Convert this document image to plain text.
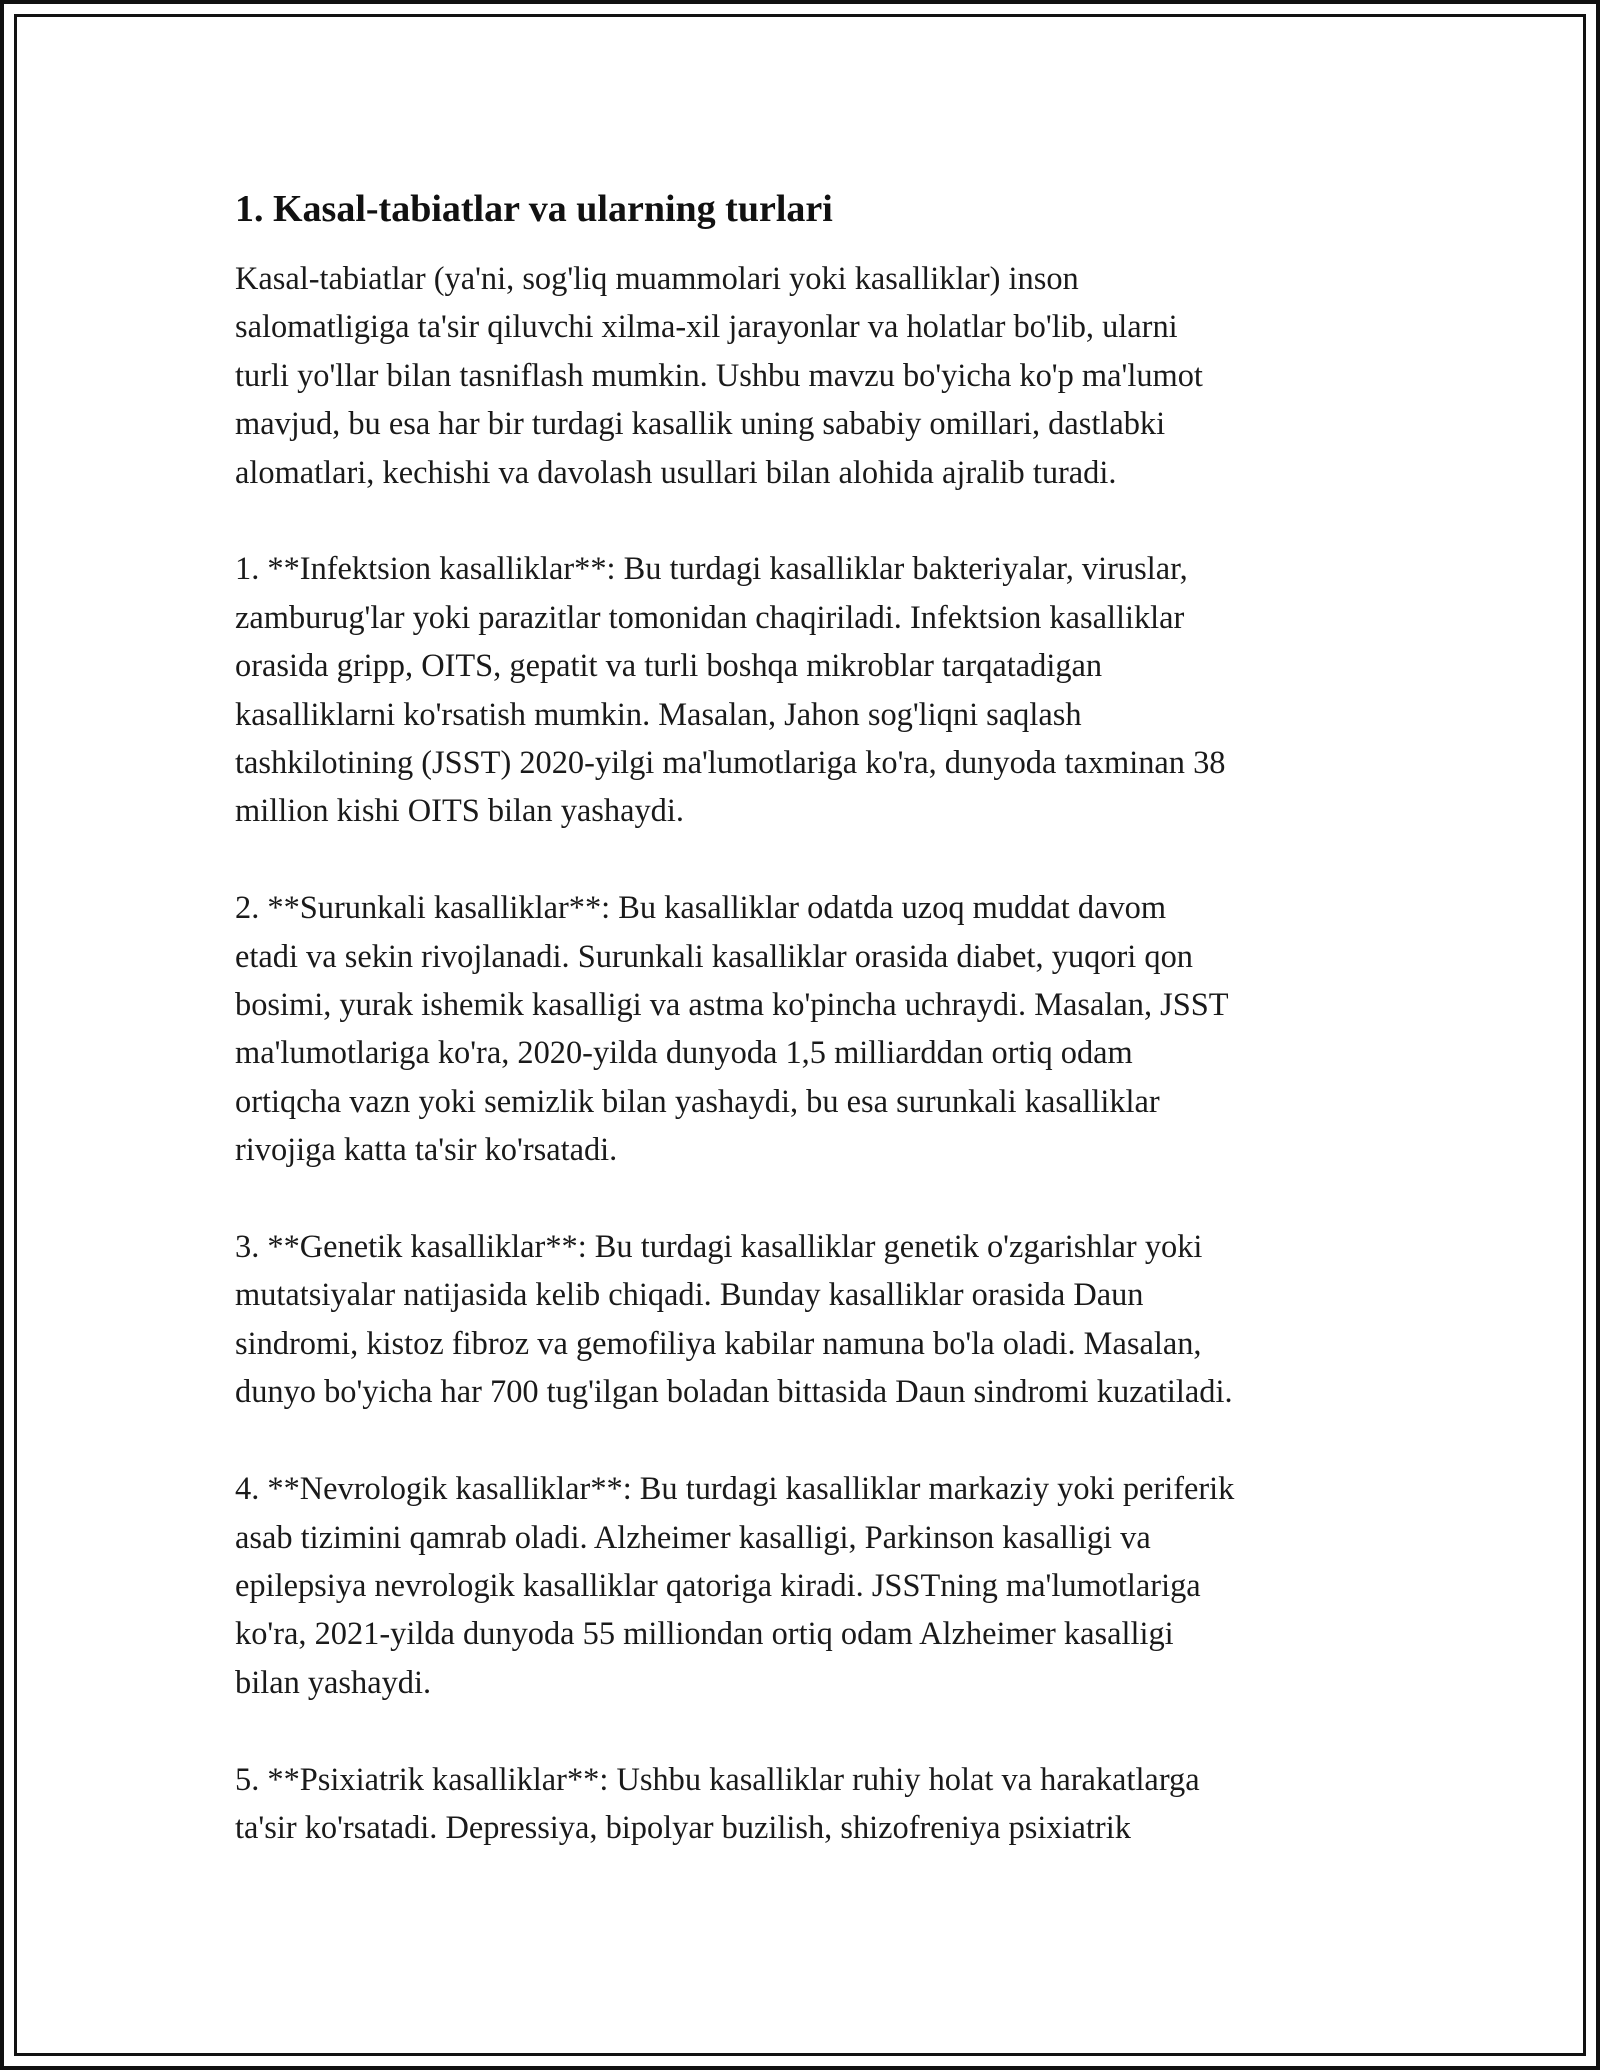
1. Kasal-tabiatlar va ularning turlari

Kasal-tabiatlar (ya'ni, sog'liq muammolari yoki kasalliklar) inson
salomatligiga ta'sir qiluvchi xilma-xil jarayonlar va holatlar bo'lib, ularni
turli yo'llar bilan tasniflash mumkin. Ushbu mavzu bo'yicha ko'p ma'lumot
mavjud, bu esa har bir turdagi kasallik uning sababiy omillari, dastlabki
alomatlari, kechishi va davolash usullari bilan alohida ajralib turadi.

1. **Infektsion kasalliklar**: Bu turdagi kasalliklar bakteriyalar, viruslar,
zamburug'lar yoki parazitlar tomonidan chaqiriladi. Infektsion kasalliklar
orasida gripp, OITS, gepatit va turli boshqa mikroblar tarqatadigan
kasalliklarni ko'rsatish mumkin. Masalan, Jahon sog'liqni saqlash
tashkilotining (JSST) 2020-yilgi ma'lumotlariga ko'ra, dunyoda taxminan 38
million kishi OITS bilan yashaydi.

2. **Surunkali kasalliklar**: Bu kasalliklar odatda uzoq muddat davom
etadi va sekin rivojlanadi. Surunkali kasalliklar orasida diabet, yuqori qon
bosimi, yurak ishemik kasalligi va astma ko'pincha uchraydi. Masalan, JSST
ma'lumotlariga ko'ra, 2020-yilda dunyoda 1,5 milliarddan ortiq odam
ortiqcha vazn yoki semizlik bilan yashaydi, bu esa surunkali kasalliklar
rivojiga katta ta'sir ko'rsatadi.

3. **Genetik kasalliklar**: Bu turdagi kasalliklar genetik o'zgarishlar yoki
mutatsiyalar natijasida kelib chiqadi. Bunday kasalliklar orasida Daun
sindromi, kistoz fibroz va gemofiliya kabilar namuna bo'la oladi. Masalan,
dunyo bo'yicha har 700 tug'ilgan boladan bittasida Daun sindromi kuzatiladi.

4. **Nevrologik kasalliklar**: Bu turdagi kasalliklar markaziy yoki periferik
asab tizimini qamrab oladi. Alzheimer kasalligi, Parkinson kasalligi va
epilepsiya nevrologik kasalliklar qatoriga kiradi. JSSTning ma'lumotlariga
ko'ra, 2021-yilda dunyoda 55 milliondan ortiq odam Alzheimer kasalligi
bilan yashaydi.

5. **Psixiatrik kasalliklar**: Ushbu kasalliklar ruhiy holat va harakatlarga
ta'sir ko'rsatadi. Depressiya, bipolyar buzilish, shizofreniya psixiatrik
